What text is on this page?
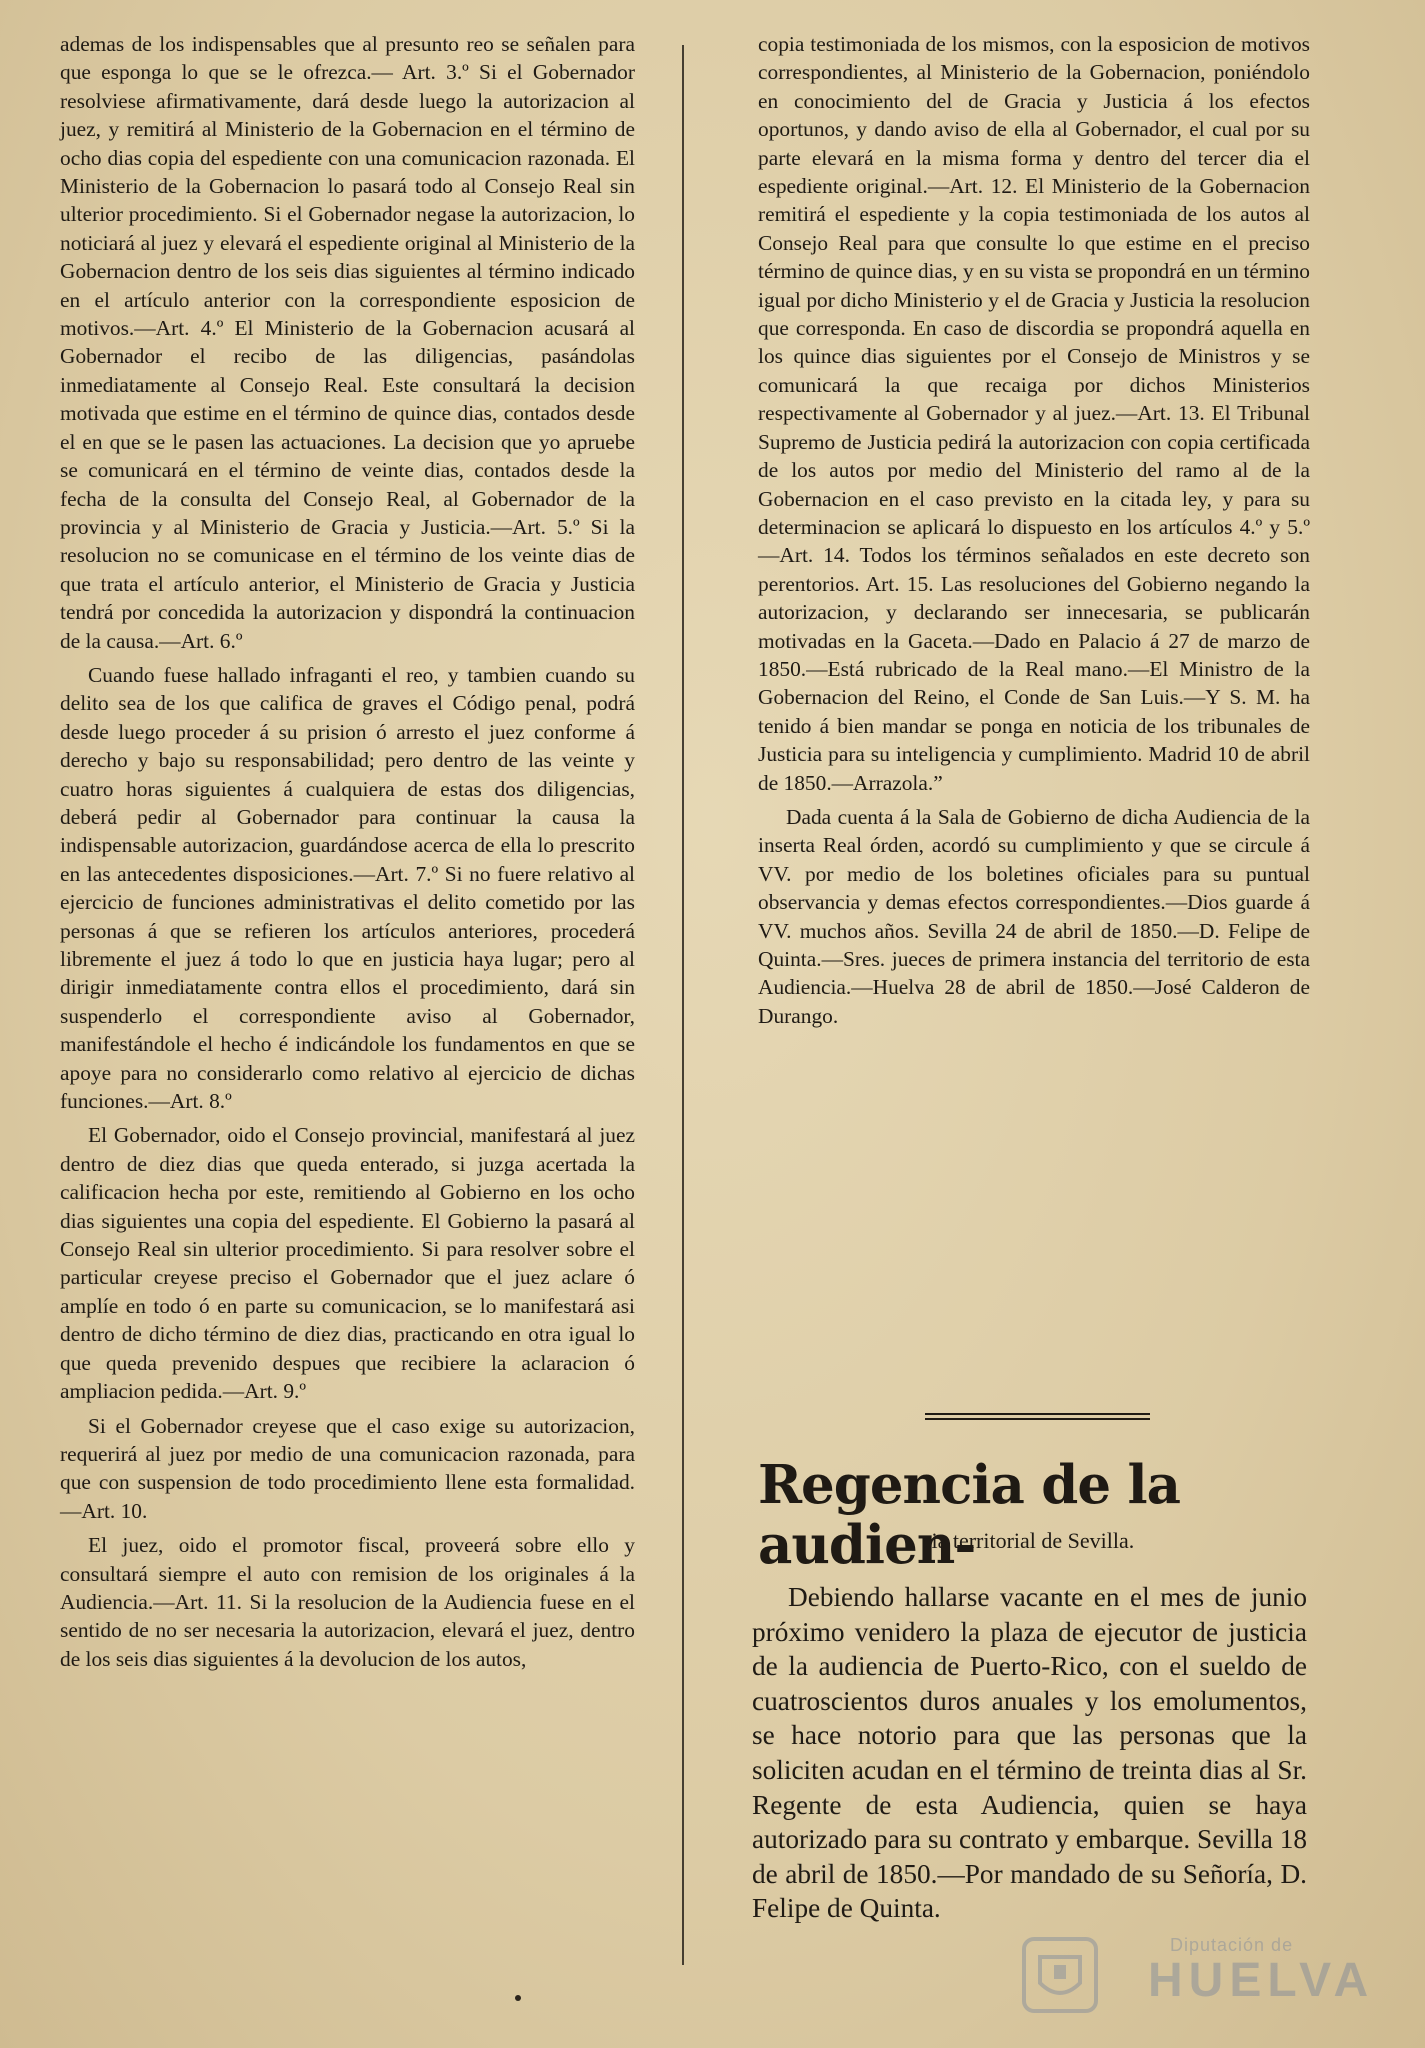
ademas de los indispensables que al presunto reo se señalen para que esponga lo que se le ofrezca.— Art. 3.º Si el Gobernador resolviese afirmativamente, dará desde luego la autorizacion al juez, y remitirá al Ministerio de la Gobernacion en el término de ocho dias copia del espediente con una comunicacion razonada. El Ministerio de la Gobernacion lo pasará todo al Consejo Real sin ulterior procedimiento. Si el Gobernador negase la autorizacion, lo noticiará al juez y elevará el espediente original al Ministerio de la Gobernacion dentro de los seis dias siguientes al término indicado en el artículo anterior con la correspondiente esposicion de motivos.—Art. 4.º El Ministerio de la Gobernacion acusará al Gobernador el recibo de las diligencias, pasándolas inmediatamente al Consejo Real. Este consultará la decision motivada que estime en el término de quince dias, contados desde el en que se le pasen las actuaciones. La decision que yo apruebe se comunicará en el término de veinte dias, contados desde la fecha de la consulta del Consejo Real, al Gobernador de la provincia y al Ministerio de Gracia y Justicia.—Art. 5.º Si la resolucion no se comunicase en el término de los veinte dias de que trata el artículo anterior, el Ministerio de Gracia y Justicia tendrá por concedida la autorizacion y dispondrá la continuacion de la causa.—Art. 6.º

Cuando fuese hallado infraganti el reo, y tambien cuando su delito sea de los que califica de graves el Código penal, podrá desde luego proceder á su prision ó arresto el juez conforme á derecho y bajo su responsabilidad; pero dentro de las veinte y cuatro horas siguientes á cualquiera de estas dos diligencias, deberá pedir al Gobernador para continuar la causa la indispensable autorizacion, guardándose acerca de ella lo prescrito en las antecedentes disposiciones.—Art. 7.º Si no fuere relativo al ejercicio de funciones administrativas el delito cometido por las personas á que se refieren los artículos anteriores, procederá libremente el juez á todo lo que en justicia haya lugar; pero al dirigir inmediatamente contra ellos el procedimiento, dará sin suspenderlo el correspondiente aviso al Gobernador, manifestándole el hecho é indicándole los fundamentos en que se apoye para no considerarlo como relativo al ejercicio de dichas funciones.—Art. 8.º

El Gobernador, oido el Consejo provincial, manifestará al juez dentro de diez dias que queda enterado, si juzga acertada la calificacion hecha por este, remitiendo al Gobierno en los ocho dias siguientes una copia del espediente. El Gobierno la pasará al Consejo Real sin ulterior procedimiento. Si para resolver sobre el particular creyese preciso el Gobernador que el juez aclare ó amplíe en todo ó en parte su comunicacion, se lo manifestará asi dentro de dicho término de diez dias, practicando en otra igual lo que queda prevenido despues que recibiere la aclaracion ó ampliacion pedida.—Art. 9.º

Si el Gobernador creyese que el caso exige su autorizacion, requerirá al juez por medio de una comunicacion razonada, para que con suspension de todo procedimiento llene esta formalidad.—Art. 10.

El juez, oido el promotor fiscal, proveerá sobre ello y consultará siempre el auto con remision de los originales á la Audiencia.—Art. 11. Si la resolucion de la Audiencia fuese en el sentido de no ser necesaria la autorizacion, elevará el juez, dentro de los seis dias siguientes á la devolucion de los autos,

copia testimoniada de los mismos, con la esposicion de motivos correspondientes, al Ministerio de la Gobernacion, poniéndolo en conocimiento del de Gracia y Justicia á los efectos oportunos, y dando aviso de ella al Gobernador, el cual por su parte elevará en la misma forma y dentro del tercer dia el espediente original.—Art. 12. El Ministerio de la Gobernacion remitirá el espediente y la copia testimoniada de los autos al Consejo Real para que consulte lo que estime en el preciso término de quince dias, y en su vista se propondrá en un término igual por dicho Ministerio y el de Gracia y Justicia la resolucion que corresponda. En caso de discordia se propondrá aquella en los quince dias siguientes por el Consejo de Ministros y se comunicará la que recaiga por dichos Ministerios respectivamente al Gobernador y al juez.—Art. 13. El Tribunal Supremo de Justicia pedirá la autorizacion con copia certificada de los autos por medio del Ministerio del ramo al de la Gobernacion en el caso previsto en la citada ley, y para su determinacion se aplicará lo dispuesto en los artículos 4.º y 5.º—Art. 14. Todos los términos señalados en este decreto son perentorios. Art. 15. Las resoluciones del Gobierno negando la autorizacion, y declarando ser innecesaria, se publicarán motivadas en la Gaceta.—Dado en Palacio á 27 de marzo de 1850.—Está rubricado de la Real mano.—El Ministro de la Gobernacion del Reino, el Conde de San Luis.—Y S. M. ha tenido á bien mandar se ponga en noticia de los tribunales de Justicia para su inteligencia y cumplimiento. Madrid 10 de abril de 1850.—Arrazola.”

Dada cuenta á la Sala de Gobierno de dicha Audiencia de la inserta Real órden, acordó su cumplimiento y que se circule á VV. por medio de los boletines oficiales para su puntual observancia y demas efectos correspondientes.—Dios guarde á VV. muchos años. Sevilla 24 de abril de 1850.—D. Felipe de Quinta.—Sres. jueces de primera instancia del territorio de esta Audiencia.—Huelva 28 de abril de 1850.—José Calderon de Durango.

Regencia de la audien-
cia territorial de Sevilla.

Debiendo hallarse vacante en el mes de junio próximo venidero la plaza de ejecutor de justicia de la audiencia de Puerto-Rico, con el sueldo de cuatroscientos duros anuales y los emolumentos, se hace notorio para que las personas que la soliciten acudan en el término de treinta dias al Sr. Regente de esta Audiencia, quien se haya autorizado para su contrato y embarque. Sevilla 18 de abril de 1850.—Por mandado de su Señoría, D. Felipe de Quinta.

Diputación de
HUELVA
